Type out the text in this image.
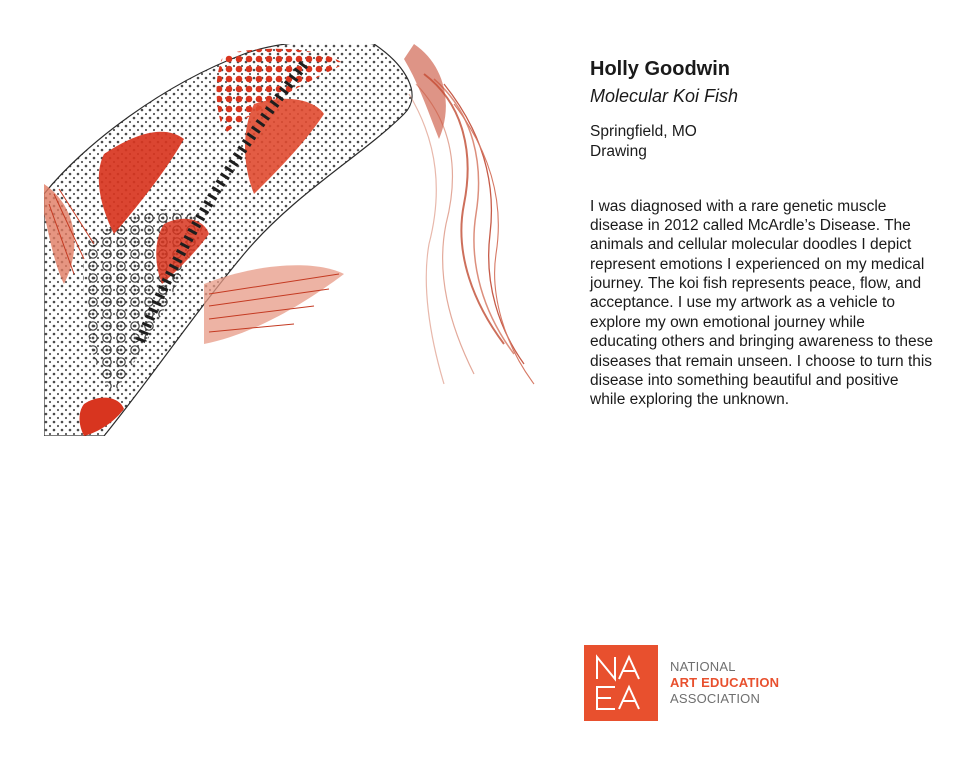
Holly Goodwin
Molecular Koi Fish
Springfield, MO
Drawing

I was diagnosed with a rare genetic muscle disease in 2012 called McArdle’s Disease. The animals and cellular molecular doodles I depict represent emotions I experienced on my medical journey. The koi fish represents peace, flow, and acceptance. I use my artwork as a vehicle to explore my own emotional journey while educating others and bringing awareness to these diseases that remain unseen. I choose to turn this disease into something beautiful and positive while exploring the unknown.

NATIONAL
ART EDUCATION
ASSOCIATION
